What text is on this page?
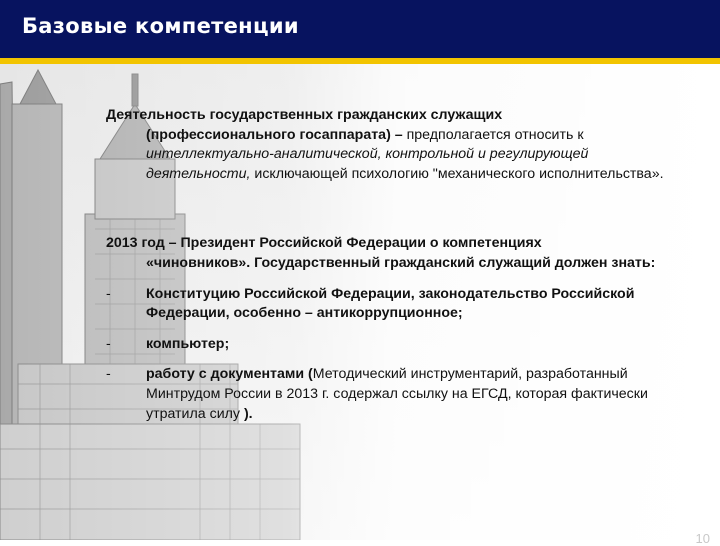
Базовые компетенции

Деятельность государственных гражданских служащих
(профессионального госаппарата) – предполагается относить к интеллектуально-аналитической, контрольной и регулирующей деятельности, исключающей психологию "механического исполнительства».

2013 год – Президент Российской Федерации о компетенциях
«чиновников». Государственный гражданский служащий должен знать:

- Конституцию Российской Федерации, законодательство Российской Федерации, особенно – антикоррупционное;
- компьютер;
- работу с документами (Методический инструментарий, разработанный Минтрудом России в 2013 г. содержал ссылку на ЕГСД, которая фактически утратила силу ).
10
